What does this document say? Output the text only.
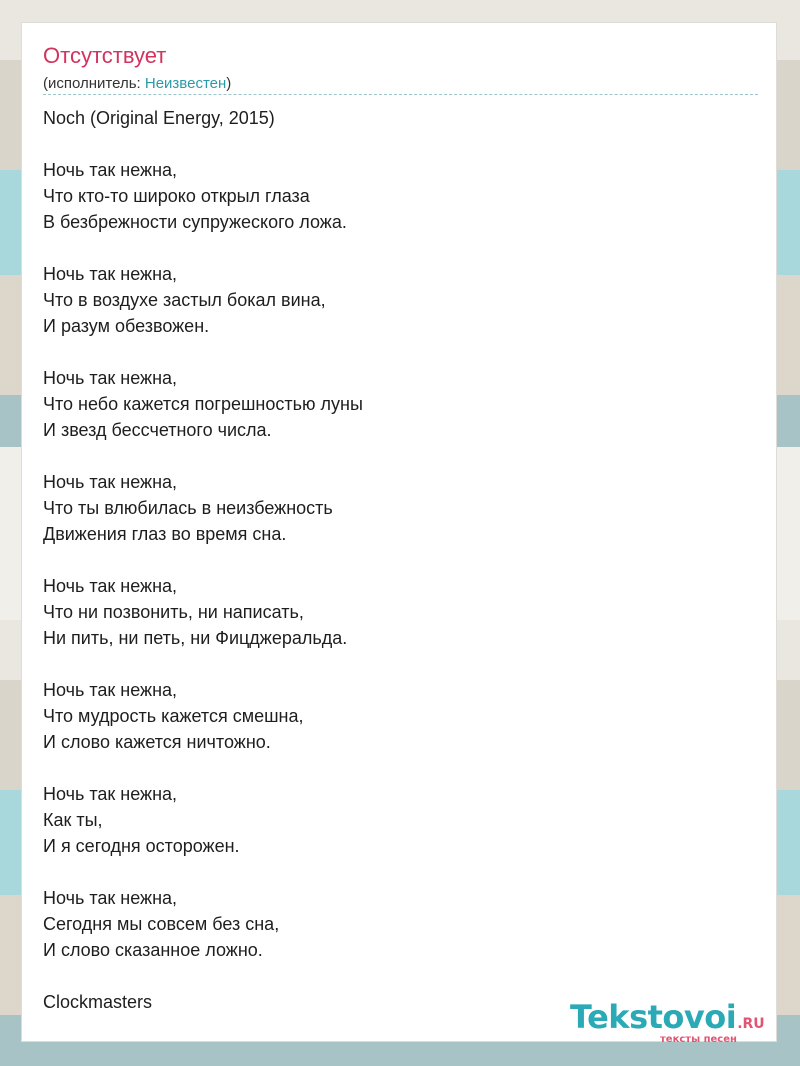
Отсутствует
(исполнитель: Неизвестен)
Noch (Original Energy, 2015)
Ночь так нежна,
Что кто-то широко открыл глаза
В безбрежности супружеского ложа.
Ночь так нежна,
Что в воздухе застыл бокал вина,
И разум обезвожен.
Ночь так нежна,
Что небо кажется погрешностью луны
И звезд бессчетного числа.
Ночь так нежна,
Что ты влюбилась в неизбежность
Движения глаз во время сна.
Ночь так нежна,
Что ни позвонить, ни написать,
Ни пить, ни петь, ни Фицджеральда.
Ночь так нежна,
Что мудрость кажется смешна,
И слово кажется ничтожно.
Ночь так нежна,
Как ты,
И я сегодня осторожен.
Ночь так нежна,
Сегодня мы совсем без сна,
И слово сказанное ложно.
Clockmasters	Tekstovoi.RU
тексты песен
